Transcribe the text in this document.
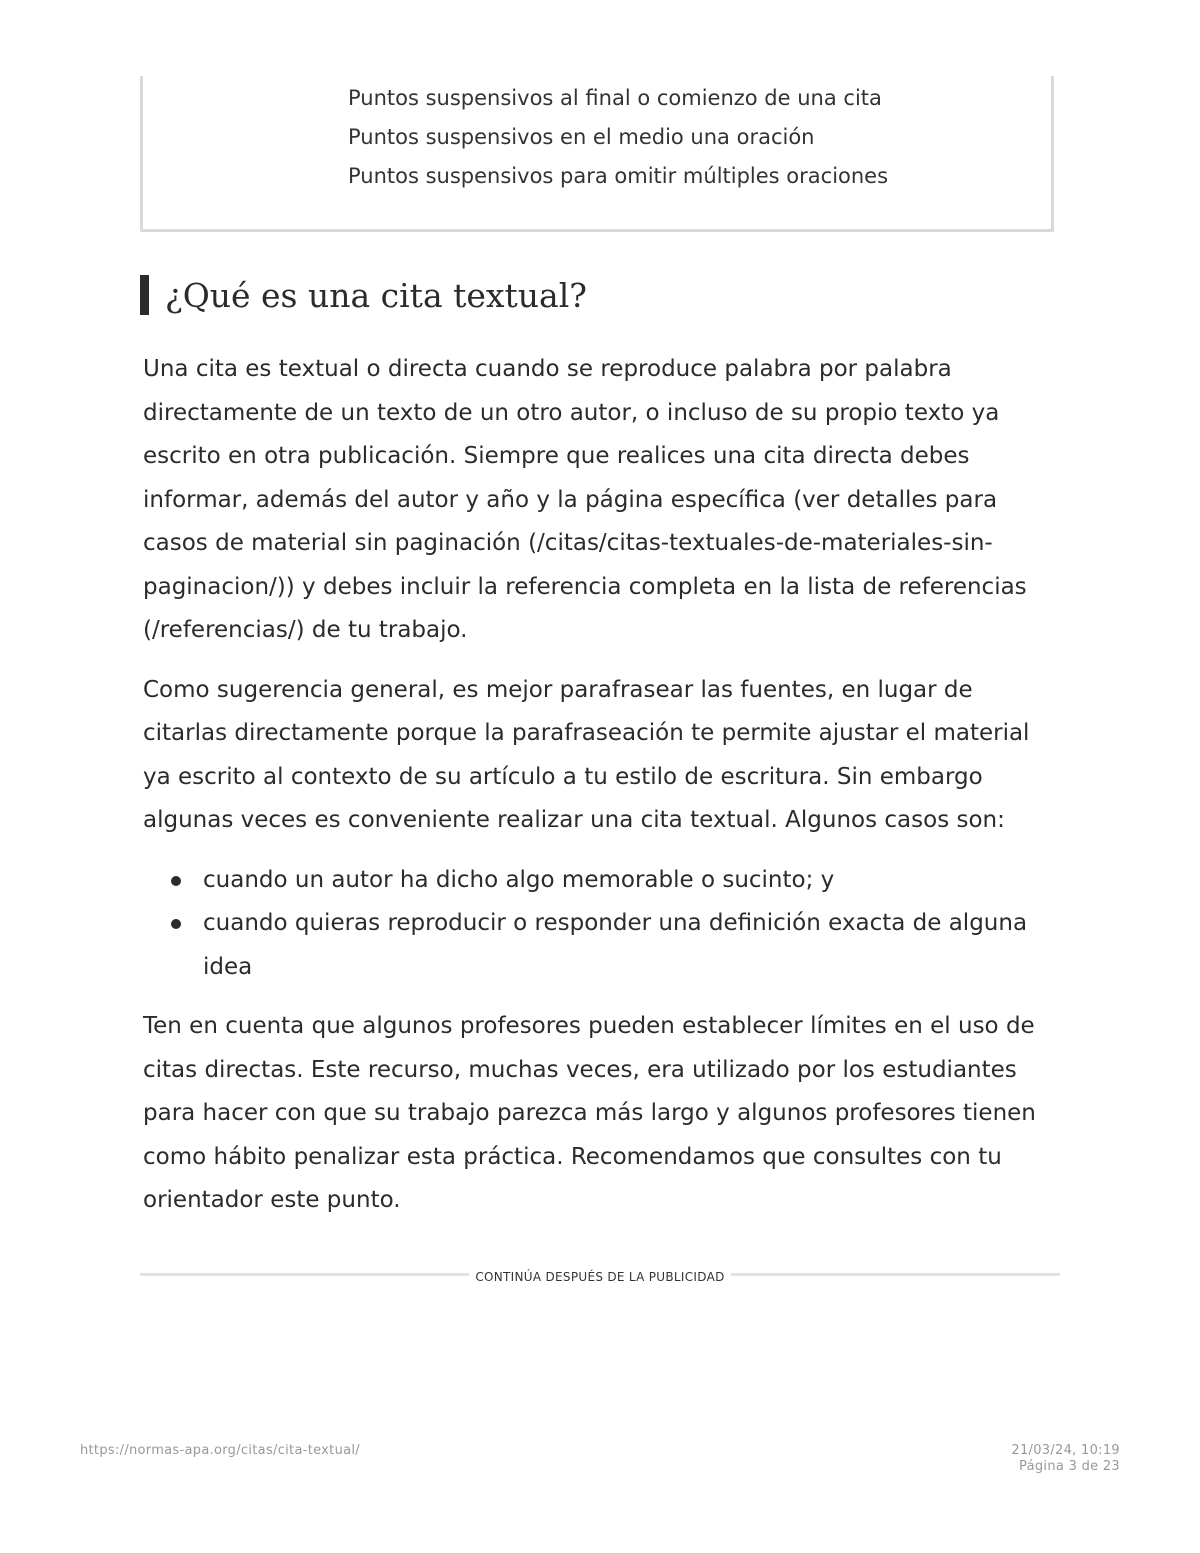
Puntos suspensivos al final o comienzo de una cita
Puntos suspensivos en el medio una oración
Puntos suspensivos para omitir múltiples oraciones
¿Qué es una cita textual?

Una cita es textual o directa cuando se reproduce palabra por palabra directamente de un texto de un otro autor, o incluso de su propio texto ya escrito en otra publicación. Siempre que realices una cita directa debes informar, además del autor y año y la página específica (ver detalles para casos de material sin paginación (/citas/citas-textuales-de-materiales-sin-paginacion/)) y debes incluir la referencia completa en la lista de referencias (/referencias/) de tu trabajo.

Como sugerencia general, es mejor parafrasear las fuentes, en lugar de citarlas directamente porque la parafraseación te permite ajustar el material ya escrito al contexto de su artículo a tu estilo de escritura. Sin embargo algunas veces es conveniente realizar una cita textual. Algunos casos son:

cuando un autor ha dicho algo memorable o sucinto; y
cuando quieras reproducir o responder una definición exacta de alguna idea

Ten en cuenta que algunos profesores pueden establecer límites en el uso de citas directas. Este recurso, muchas veces, era utilizado por los estudiantes para hacer con que su trabajo parezca más largo y algunos profesores tienen como hábito penalizar esta práctica. Recomendamos que consultes con tu orientador este punto.

CONTINÚA DESPUÉS DE LA PUBLICIDAD
https://normas-apa.org/citas/cita-textual/	21/03/24, 10:19
Página 3 de 23
